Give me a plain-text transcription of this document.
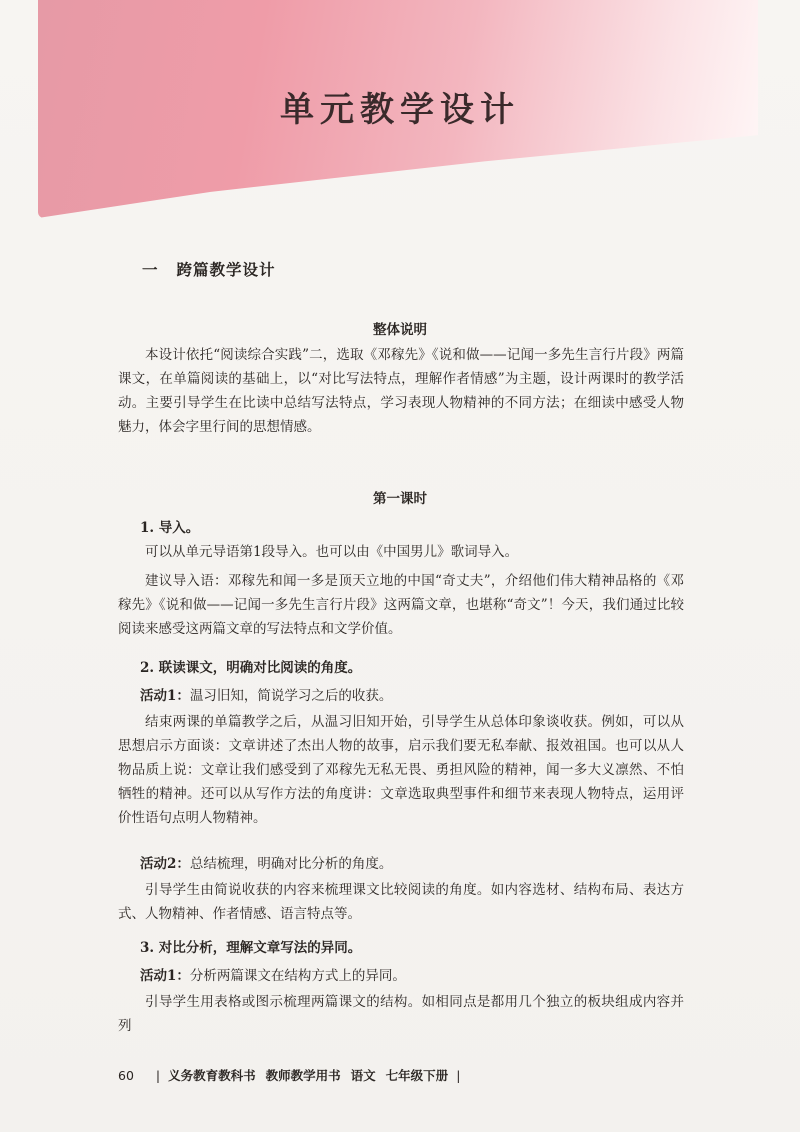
单元教学设计
一 跨篇教学设计
整体说明

本设计依托“阅读综合实践”二，选取《邓稼先》《说和做——记闻一多先生言行片段》两篇课文，在单篇阅读的基础上，以“对比写法特点，理解作者情感”为主题，设计两课时的教学活动。主要引导学生在比读中总结写法特点，学习表现人物精神的不同方法；在细读中感受人物魅力，体会字里行间的思想情感。

第一课时
1. 导入。

可以从单元导语第1段导入。也可以由《中国男儿》歌词导入。

建议导入语：邓稼先和闻一多是顶天立地的中国“奇丈夫”，介绍他们伟大精神品格的《邓稼先》《说和做——记闻一多先生言行片段》这两篇文章，也堪称“奇文”！今天，我们通过比较阅读来感受这两篇文章的写法特点和文学价值。

2. 联读课文，明确对比阅读的角度。
活动1：温习旧知，简说学习之后的收获。

结束两课的单篇教学之后，从温习旧知开始，引导学生从总体印象谈收获。例如，可以从思想启示方面谈：文章讲述了杰出人物的故事，启示我们要无私奉献、报效祖国。也可以从人物品质上说：文章让我们感受到了邓稼先无私无畏、勇担风险的精神，闻一多大义凛然、不怕牺牲的精神。还可以从写作方法的角度讲：文章选取典型事件和细节来表现人物特点，运用评价性语句点明人物精神。

活动2：总结梳理，明确对比分析的角度。

引导学生由简说收获的内容来梳理课文比较阅读的角度。如内容选材、结构布局、表达方式、人物精神、作者情感、语言特点等。

3. 对比分析，理解文章写法的异同。
活动1：分析两篇课文在结构方式上的异同。

引导学生用表格或图示梳理两篇课文的结构。如相同点是都用几个独立的板块组成内容并列

60 | 义务教育教科书 教师教学用书 语文 七年级下册 |
